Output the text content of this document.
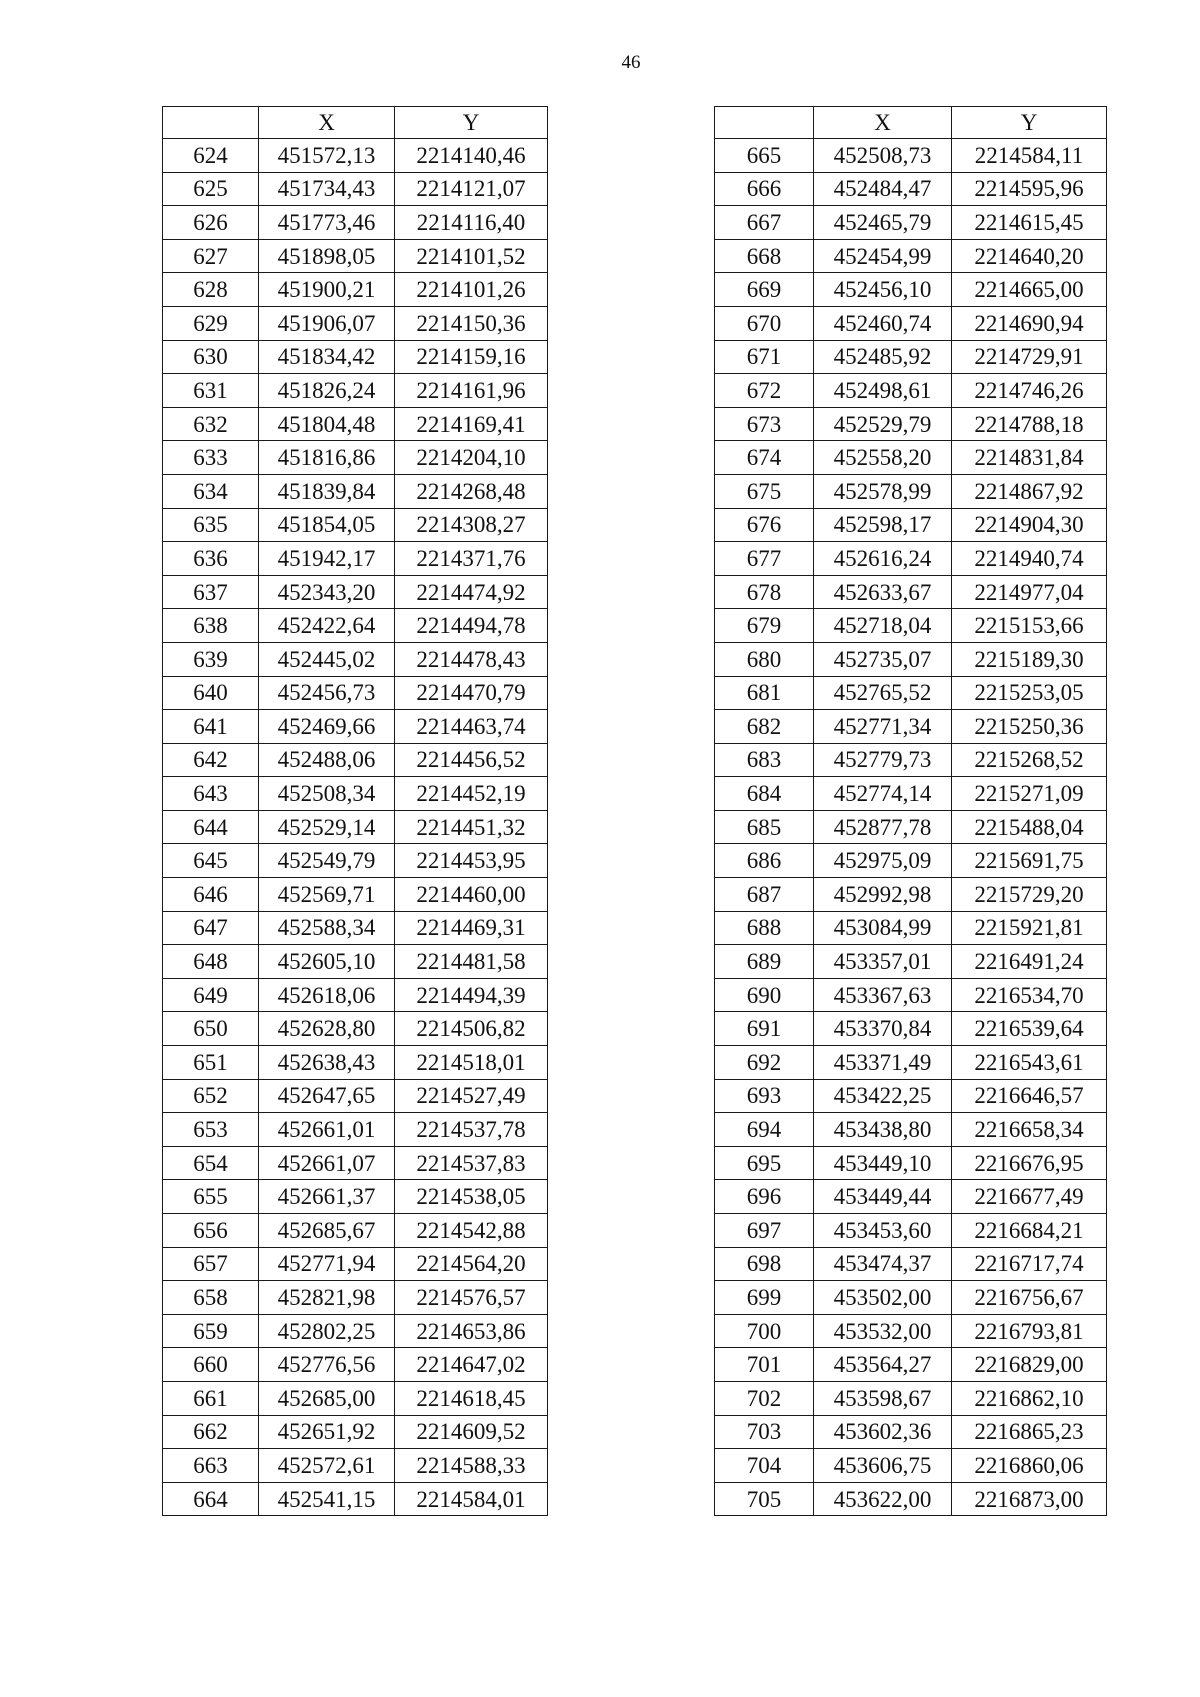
46
	X	Y
624	451572,13	2214140,46
625	451734,43	2214121,07
626	451773,46	2214116,40
627	451898,05	2214101,52
628	451900,21	2214101,26
629	451906,07	2214150,36
630	451834,42	2214159,16
631	451826,24	2214161,96
632	451804,48	2214169,41
633	451816,86	2214204,10
634	451839,84	2214268,48
635	451854,05	2214308,27
636	451942,17	2214371,76
637	452343,20	2214474,92
638	452422,64	2214494,78
639	452445,02	2214478,43
640	452456,73	2214470,79
641	452469,66	2214463,74
642	452488,06	2214456,52
643	452508,34	2214452,19
644	452529,14	2214451,32
645	452549,79	2214453,95
646	452569,71	2214460,00
647	452588,34	2214469,31
648	452605,10	2214481,58
649	452618,06	2214494,39
650	452628,80	2214506,82
651	452638,43	2214518,01
652	452647,65	2214527,49
653	452661,01	2214537,78
654	452661,07	2214537,83
655	452661,37	2214538,05
656	452685,67	2214542,88
657	452771,94	2214564,20
658	452821,98	2214576,57
659	452802,25	2214653,86
660	452776,56	2214647,02
661	452685,00	2214618,45
662	452651,92	2214609,52
663	452572,61	2214588,33
664	452541,15	2214584,01
	X	Y
665	452508,73	2214584,11
666	452484,47	2214595,96
667	452465,79	2214615,45
668	452454,99	2214640,20
669	452456,10	2214665,00
670	452460,74	2214690,94
671	452485,92	2214729,91
672	452498,61	2214746,26
673	452529,79	2214788,18
674	452558,20	2214831,84
675	452578,99	2214867,92
676	452598,17	2214904,30
677	452616,24	2214940,74
678	452633,67	2214977,04
679	452718,04	2215153,66
680	452735,07	2215189,30
681	452765,52	2215253,05
682	452771,34	2215250,36
683	452779,73	2215268,52
684	452774,14	2215271,09
685	452877,78	2215488,04
686	452975,09	2215691,75
687	452992,98	2215729,20
688	453084,99	2215921,81
689	453357,01	2216491,24
690	453367,63	2216534,70
691	453370,84	2216539,64
692	453371,49	2216543,61
693	453422,25	2216646,57
694	453438,80	2216658,34
695	453449,10	2216676,95
696	453449,44	2216677,49
697	453453,60	2216684,21
698	453474,37	2216717,74
699	453502,00	2216756,67
700	453532,00	2216793,81
701	453564,27	2216829,00
702	453598,67	2216862,10
703	453602,36	2216865,23
704	453606,75	2216860,06
705	453622,00	2216873,00
